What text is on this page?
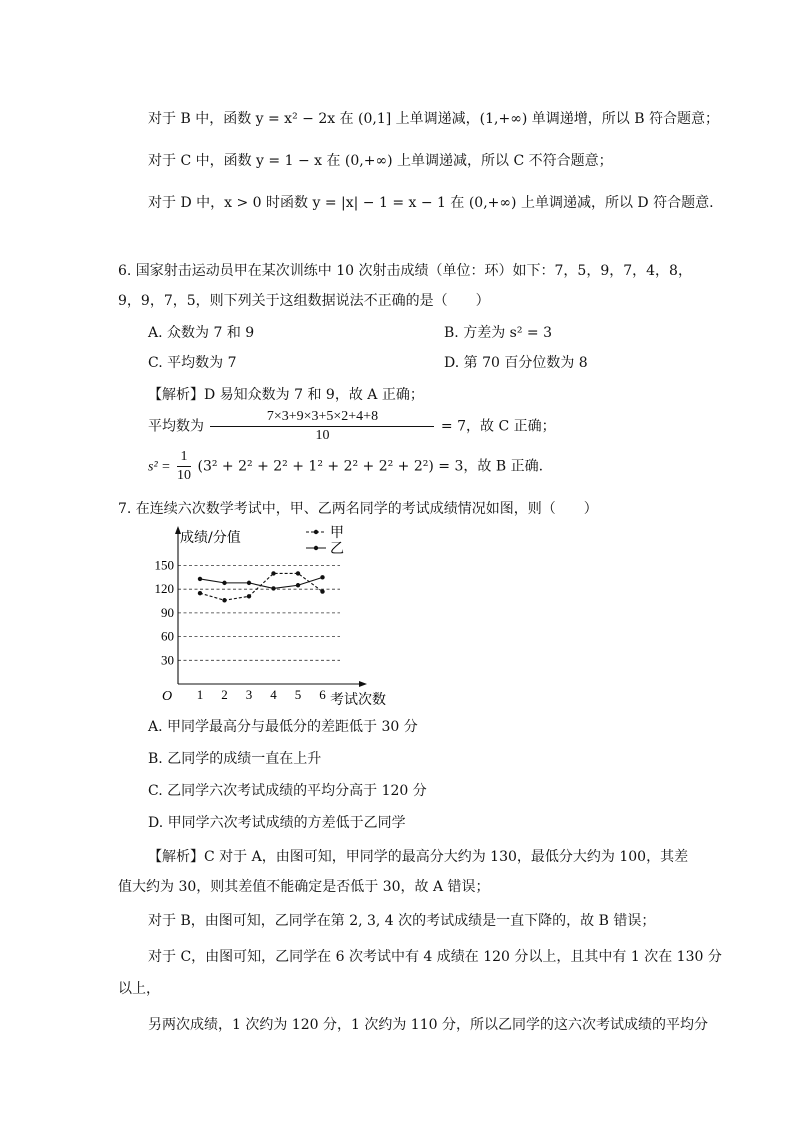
对于 B 中，函数 y = x² − 2x 在 (0,1] 上单调递减，(1,+∞) 单调递增，所以 B 符合题意；
对于 C 中，函数 y = 1 − x 在 (0,+∞) 上单调递减，所以 C 不符合题意；
对于 D 中，x > 0 时函数 y = |x| − 1 = x − 1 在 (0,+∞) 上单调递减，所以 D 符合题意.
6. 国家射击运动员甲在某次训练中 10 次射击成绩（单位：环）如下：7，5，9，7，4，8，
9，9，7，5，则下列关于这组数据说法不正确的是（　　）
A. 众数为 7 和 9	B. 方差为 s² = 3
C. 平均数为 7	D. 第 70 百分位数为 8
【解析】D 易知众数为 7 和 9，故 A 正确；
平均数为 $\frac{7\times 3+9\times 3+5\times 2+4+8}{10} = 7$，故 C 正确；
$s^2 = \frac{1}{10} (3^2 + 2^2 + 2^2 + 1^2 + 2^2 + 2^2 + 2^2) = 3$，故 B 正确.
7. 在连续六次数学考试中，甲、乙两名同学的考试成绩情况如图，则（　　）
30
60
90
120
150
成绩/分值
考试次数
O 1 2 3 4 5 6
甲
乙
A. 甲同学最高分与最低分的差距低于 30 分
B. 乙同学的成绩一直在上升
C. 乙同学六次考试成绩的平均分高于 120 分
D. 甲同学六次考试成绩的方差低于乙同学
【解析】C 对于 A，由图可知，甲同学的最高分大约为 130，最低分大约为 100，其差
值大约为 30，则其差值不能确定是否低于 30，故 A 错误；
对于 B，由图可知，乙同学在第 2, 3, 4 次的考试成绩是一直下降的，故 B 错误；
对于 C，由图可知，乙同学在 6 次考试中有 4 成绩在 120 分以上，且其中有 1 次在 130 分
以上，
另两次成绩，1 次约为 120 分，1 次约为 110 分，所以乙同学的这六次考试成绩的平均分
